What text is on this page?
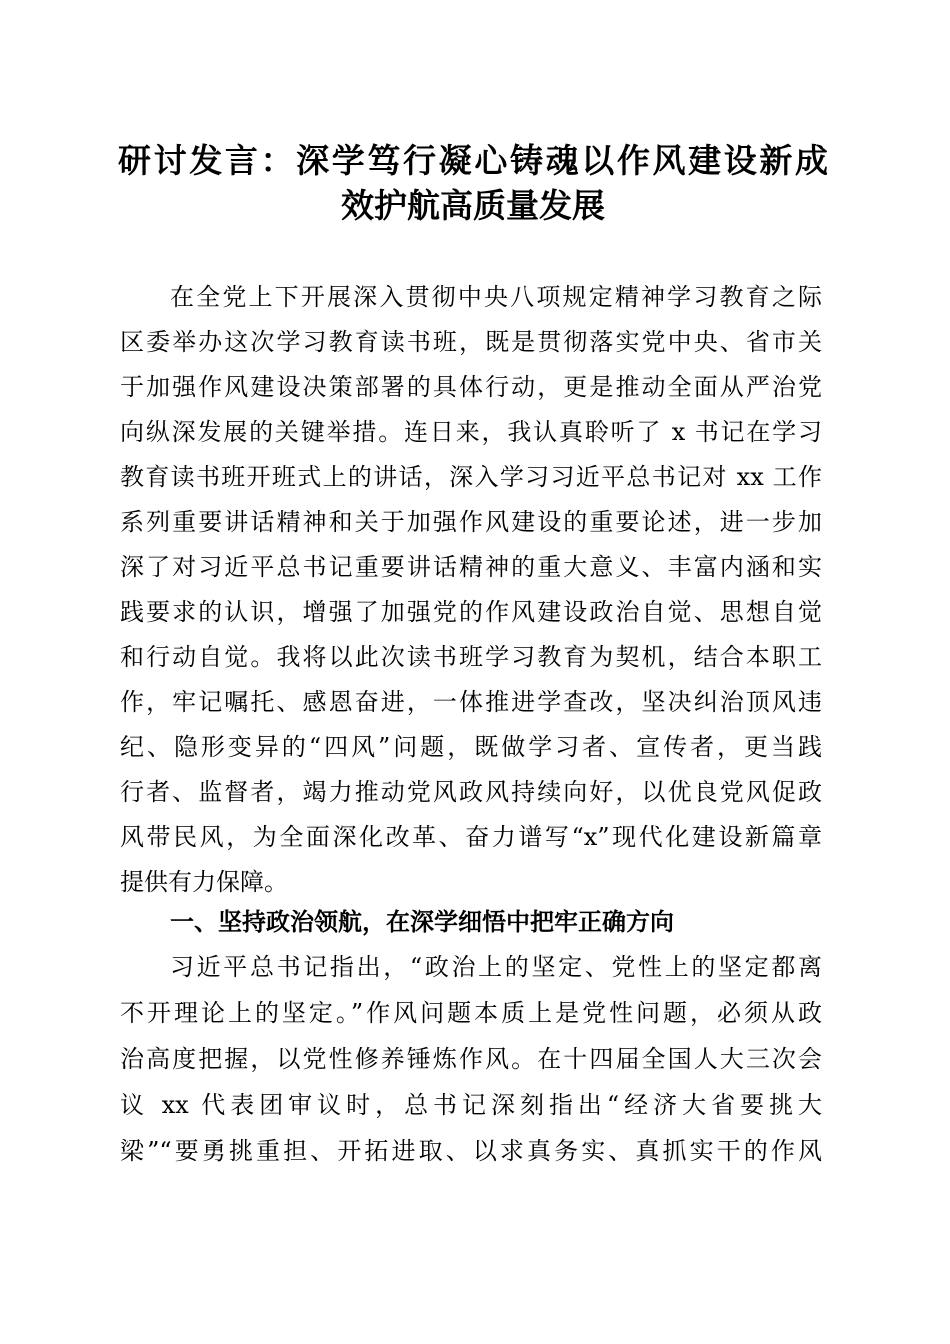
研讨发言：深学笃行凝心铸魂以作风建设新成
效护航高质量发展
在全党上下开展深入贯彻中央八项规定精神学习教育之际
区委举办这次学习教育读书班，既是贯彻落实党中央、省市关
于加强作风建设决策部署的具体行动，更是推动全面从严治党
向纵深发展的关键举措。连日来，我认真聆听了 x 书记在学习
教育读书班开班式上的讲话，深入学习习近平总书记对 xx 工作
系列重要讲话精神和关于加强作风建设的重要论述，进一步加
深了对习近平总书记重要讲话精神的重大意义、丰富内涵和实
践要求的认识，增强了加强党的作风建设政治自觉、思想自觉
和行动自觉。我将以此次读书班学习教育为契机，结合本职工
作，牢记嘱托、感恩奋进，一体推进学查改，坚决纠治顶风违
纪、隐形变异的“四风”问题，既做学习者、宣传者，更当践
行者、监督者，竭力推动党风政风持续向好，以优良党风促政
风带民风，为全面深化改革、奋力谱写“x”现代化建设新篇章
提供有力保障。
一、坚持政治领航，在深学细悟中把牢正确方向
习近平总书记指出，“政治上的坚定、党性上的坚定都离
不开理论上的坚定。”作风问题本质上是党性问题，必须从政
治高度把握，以党性修养锤炼作风。在十四届全国人大三次会
议 xx 代表团审议时，总书记深刻指出“经济大省要挑大
梁”“要勇挑重担、开拓进取、以求真务实、真抓实干的作风
